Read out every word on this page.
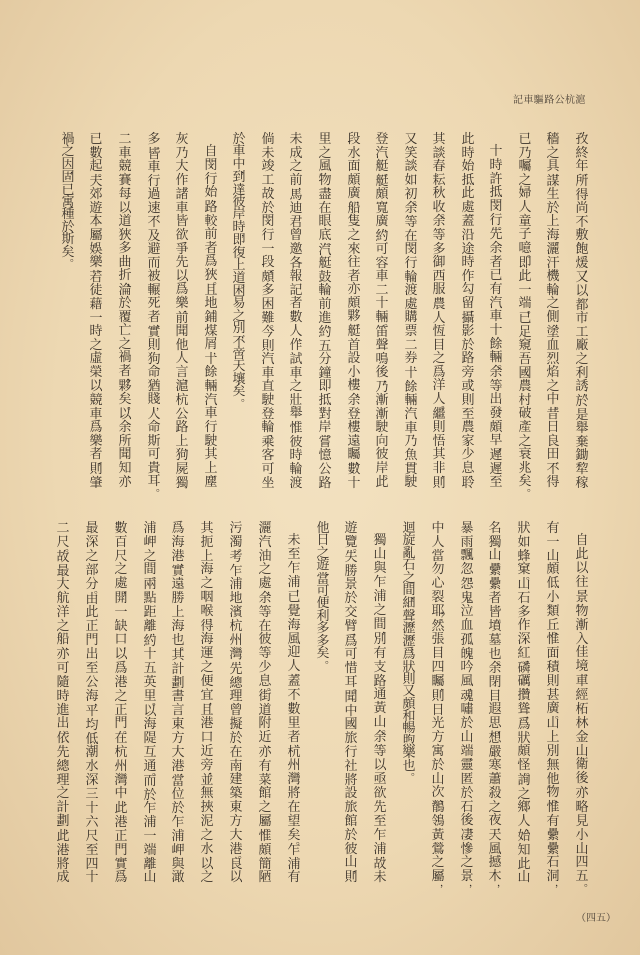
滬杭公路驅車記
孜
終
年
，
所
得
尚
不
敷
飽
煖
；
又
以
都
市
工
廠
之
利
誘
；
於
是
舉
棄
鋤
犂
稼
穡
之
具
，
謀
生
於
上
海
。
灑
汗
機
輪
之
側
，
塗
血
烈
焰
之
中
。
昔
日
良
田
，
不
得
已
乃
囑
之
婦
人
童
子
噫
。
即
此
一
端
。
已
足
窺
吾
國
農
村
破
產
之
衰
兆
矣
。
十
時
許
抵
閔
行
。
先
余
者
已
有
汽
車
十
餘
輛
。
余
等
出
發
頗
早
，
遲
遲
至
此
時
始
抵
此
處
，
蓋
沿
途
時
作
勾
留
，
攝
影
於
路
旁
，
或
則
至
農
家
少
息
，
聆
其
談
春
耘
秋
收
。
余
等
多
御
西
服
，
農
人
恆
目
之
爲
洋
人
。
繼
則
悟
其
非
，
則
又
笑
談
如
初
。
余
等
在
閔
行
輪
渡
處
購
票
二
券
，
十
餘
輛
汽
車
乃
魚
貫
駛
登
汽
艇
。
艇
頗
寬
廣
，
約
可
容
車
二
十
輛
。
笛
聲
鳴
後
，
乃
漸
漸
駛
向
彼
岸
。
此
段
水
面
頗
廣
，
船
隻
之
來
往
者
亦
頗
夥
。
艇
首
設
小
樓
，
余
登
樓
遠
矚
，
數
十
里
之
風
物
，
盡
在
眼
底
。
汽
艇
鼓
輪
前
進
，
約
五
分
鐘
即
抵
對
岸
。
嘗
憶
公
路
未
成
之
前
，
馬
迪
君
曾
邀
各
報
記
者
數
人
，
作
試
車
之
壯
舉
。
惟
彼
時
輪
渡
倘
未
竣
工
，
故
於
閔
行
一
段
，
頗
多
困
難
。
今
則
汽
車
直
駛
登
輪
，
乘
客
可
坐
於
車
中
，
到
達
彼
岸
時
，
即
復
上
道
。
困
易
之
別
，
不
啻
天
壤
矣
。
自
閔
行
始
，
路
較
前
者
爲
狹
。
且
地
鋪
煤
屑
，
十
餘
輛
汽
車
行
駛
其
上
，
塵
灰
乃
大
作
。
諸
車
皆
欲
爭
先
以
爲
樂
，
前
聞
他
人
言
，
滬
杭
公
路
上
，
狗
屍
獨
多
。
皆
車
行
過
速
，
不
及
避
而
被
輾
死
者
，
實
則
狗
命
猶
賤
，
人
命
斯
可
貴
耳
。
二
車
競
賽
，
每
以
道
狹
多
曲
折
，
淪
於
覆
亡
之
禍
者
，
夥
矣
。
以
余
所
聞
知
，
亦
已
數
起
。
夫
郊
遊
本
屬
娛
樂
，
若
徒
藉
一
時
之
虛
榮
，
以
競
車
爲
樂
者
，
則
肇
禍
之
因
，
固
已
寓
種
於
斯
矣
。
自
此
以
往
，
景
物
漸
入
佳
境
。
車
經
柘
林
金
山
衛
後
，
亦
略
見
小
山
四
五
。
有
一
山
頗
低
小
類
丘
，
惟
面
積
則
甚
廣
。
山
上
別
無
他
物
，
惟
有
纍
纍
石
洞
，
狀
如
蜂
窠
。
山
石
多
作
深
紅
，
磷
礪
攢
聳
，
爲
狀
頗
怪
。
詢
之
鄉
人
，
始
知
此
山
名
獨
山
。
纍
纍
者
，
皆
墳
墓
也
。
余
閉
目
遐
思
，
想
嚴
寒
蕭
殺
之
夜
，
天
風
撼
木
，
暴
雨
飄
忽
，
怨
鬼
泣
血
，
孤
魄
吟
風
，
魂
嘯
於
山
端
，
靈
匿
於
石
後
，
凄
慘
之
景
，
中
人
當
勿
心
裂
耶
？
然
張
目
四
矚
，
則
日
光
方
寓
於
山
次
，
鶺
鴒
黃
鶯
之
屬
，
迴
旋
亂
石
之
間
，
細
聲
瀝
瀝
，
爲
狀
則
又
頗
和
暢
煦
樂
也
。
獨
山
與
乍
浦
之
間
，
別
有
支
路
通
黃
山
。
余
等
以
亟
欲
先
至
乍
浦
，
故
未
遊
覽
。
失
勝
景
於
交
臂
，
爲
可
惜
耳
。
聞
中
國
旅
行
社
將
設
旅
館
於
彼
山
，
則
他
日
之
遊
，
當
可
便
利
多
多
矣
。
未
至
乍
浦
，
已
覺
海
風
迎
人
。
蓋
不
數
里
者
，
杭
州
灣
將
在
望
矣
。
乍
浦
有
灑
汽
油
之
處
，
余
等
在
彼
等
少
息
。
街
道
附
近
，
亦
有
菜
館
之
屬
。
惟
頗
簡
陋
污
濁
。
考
乍
浦
地
濱
杭
州
灣
，
先
總
理
曾
擬
於
在
南
建
築
東
方
大
港
。
良
以
其
扼
上
海
之
咽
喉
，
得
海
運
之
便
宜
，
且
港
口
近
旁
，
並
無
挾
泥
之
水
，
以
之
爲
海
港
，
實
遠
勝
上
海
也
。
其
計
劃
書
言
東
方
大
港
，
當
位
於
乍
浦
岬
與
澉
浦
岬
之
間
。
兩
點
距
離
，
約
十
五
英
里
。
以
海
隄
互
通
。
而
於
乍
浦
一
端
離
山
數
百
尺
之
處
，
開
一
缺
口
，
以
爲
港
之
正
門
。
在
杭
州
灣
中
，
此
港
正
門
實
爲
最
深
之
部
分
。
由
此
正
門
出
至
公
海
，
平
均
低
潮
水
深
三
十
六
尺
至
四
十
二
尺
。
故
最
大
航
洋
之
船
，
亦
可
隨
時
進
出
。
依
先
總
理
之
計
劃
，
此
港
將
成
（四五）
